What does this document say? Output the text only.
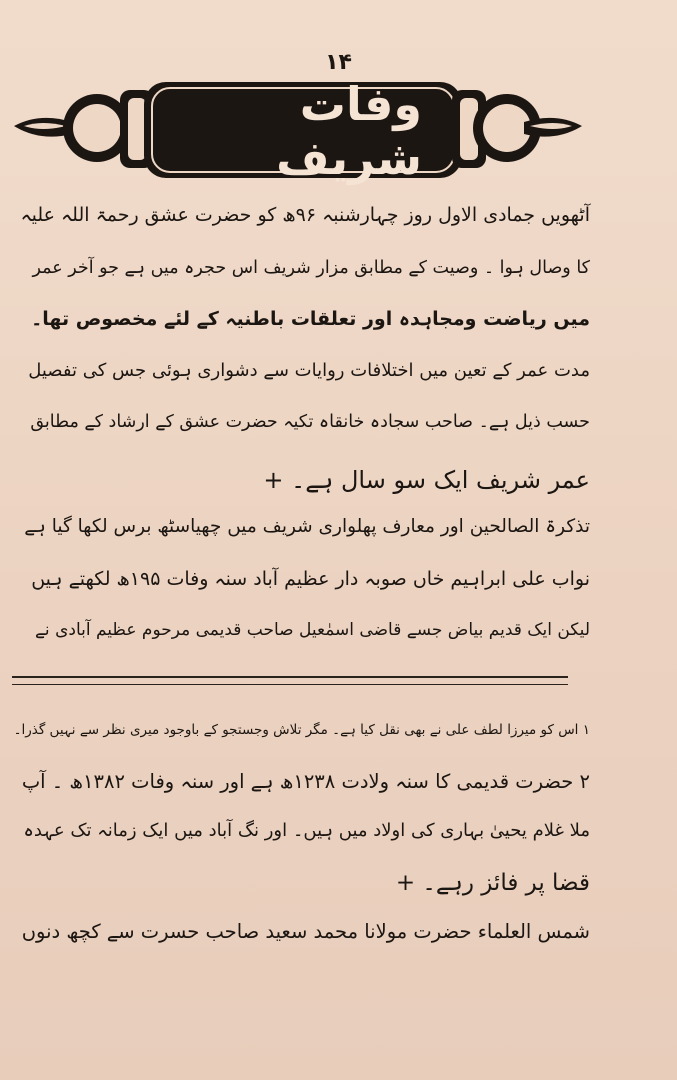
۱۴
وفات شریف
آٹھویں جمادی الاول روز چہارشنبہ ۹۶ھ کو حضرت عشق رحمۃ اللہ علیہ
کا وصال ہوا ۔ وصیت کے مطابق مزار شریف اس حجرہ میں ہے جو آخر عمر
میں ریاضت ومجاہدہ اور تعلقات باطنیہ کے لئے مخصوص تھا۔
مدت عمر کے تعین میں اختلافات روایات سے دشواری ہوئی جس کی تفصیل
حسب ذیل ہے۔ صاحب سجادہ خانقاہ تکیہ حضرت عشق کے ارشاد کے مطابق
عمر شریف ایک سو سال ہے۔ +
تذکرۃ الصالحین اور معارف پھلواری شریف میں چھیاسٹھ برس لکھا گیا ہے
نواب علی ابراہیم خاں صوبہ دار عظیم آباد سنہ وفات ۱۹۵ھ لکھتے ہیں
لیکن ایک قدیم بیاض جسے قاضی اسمٰعیل صاحب قدیمی مرحوم عظیم آبادی نے
۱ اس کو میرزا لطف علی نے بھی نقل کیا ہے۔ مگر تلاش وجستجو کے باوجود میری نظر سے نہیں گذرا۔
۲ حضرت قدیمی کا سنہ ولادت ۱۲۳۸ھ ہے اور سنہ وفات ۱۳۸۲ھ ۔ آپ
ملا غلام یحییٰ بہاری کی اولاد میں ہیں۔ اور نگ آباد میں ایک زمانہ تک عہدہ
قضا پر فائز رہے۔ +
شمس العلماء حضرت مولانا محمد سعید صاحب حسرت سے کچھ دنوں
